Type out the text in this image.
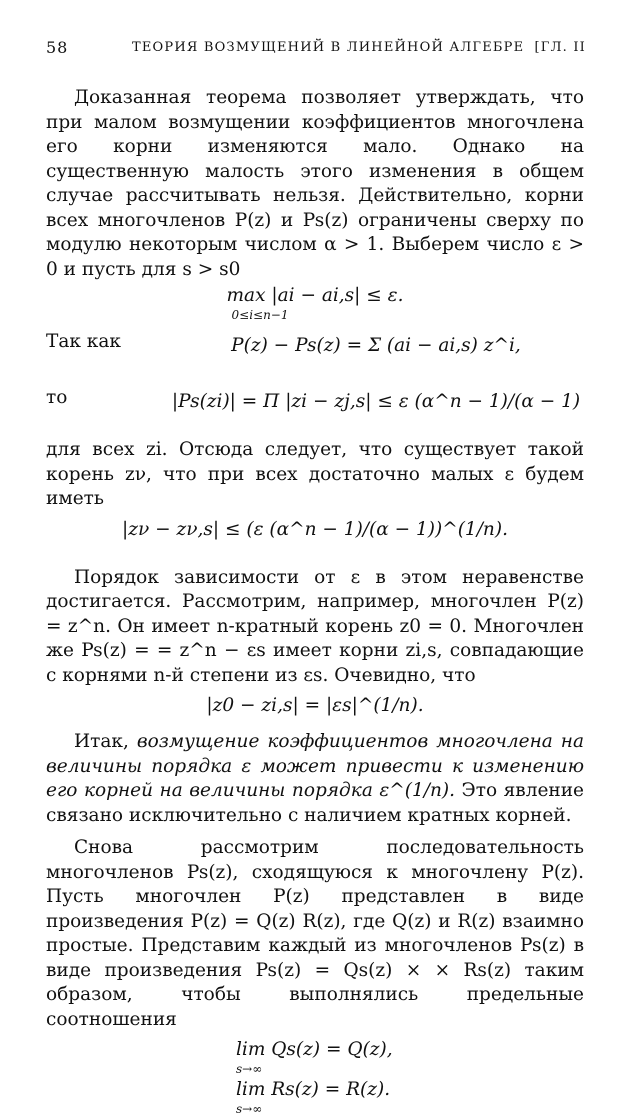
58	ТЕОРИЯ ВОЗМУЩЕНИЙ В ЛИНЕЙНОЙ АЛГЕБРЕ [ГЛ. II

Доказанная теорема позволяет утверждать, что при малом возмущении коэффициентов многочлена его корни изменяются мало. Однако на существенную малость этого изменения в общем случае рассчитывать нельзя. Действительно, корни всех многочленов P(z) и Ps(z) ограничены сверху по модулю некоторым числом α > 1. Выберем число ε > 0 и пусть для s > s0

max |ai − ai,s| ≤ ε.
0≤i≤n−1
Так как	P(z) − Ps(z) = Σ (ai − ai,s) z^i,
то	|Ps(zi)| = Π |zi − zj,s| ≤ ε (α^n − 1)/(α − 1)

для всех zi. Отсюда следует, что существует такой корень zν, что при всех достаточно малых ε будем иметь

|zν − zν,s| ≤ (ε (α^n − 1)/(α − 1))^(1/n).

Порядок зависимости от ε в этом неравенстве достигается. Рассмотрим, например, многочлен P(z) = z^n. Он имеет n-кратный корень z0 = 0. Многочлен же Ps(z) = = z^n − εs имеет корни zi,s, совпадающие с корнями n-й степени из εs. Очевидно, что

|z0 − zi,s| = |εs|^(1/n).

Итак, возмущение коэффициентов многочлена на величины порядка ε может привести к изменению его корней на величины порядка ε^(1/n). Это явление связано исключительно с наличием кратных корней.

Снова рассмотрим последовательность многочленов Ps(z), сходящуюся к многочлену P(z). Пусть многочлен P(z) представлен в виде произведения P(z) = Q(z) R(z), где Q(z) и R(z) взаимно простые. Представим каждый из многочленов Ps(z) в виде произведения Ps(z) = Qs(z) × × Rs(z) таким образом, чтобы выполнялись предельные соотношения

lim Qs(z) = Q(z),
s→∞
lim Rs(z) = R(z).
s→∞
